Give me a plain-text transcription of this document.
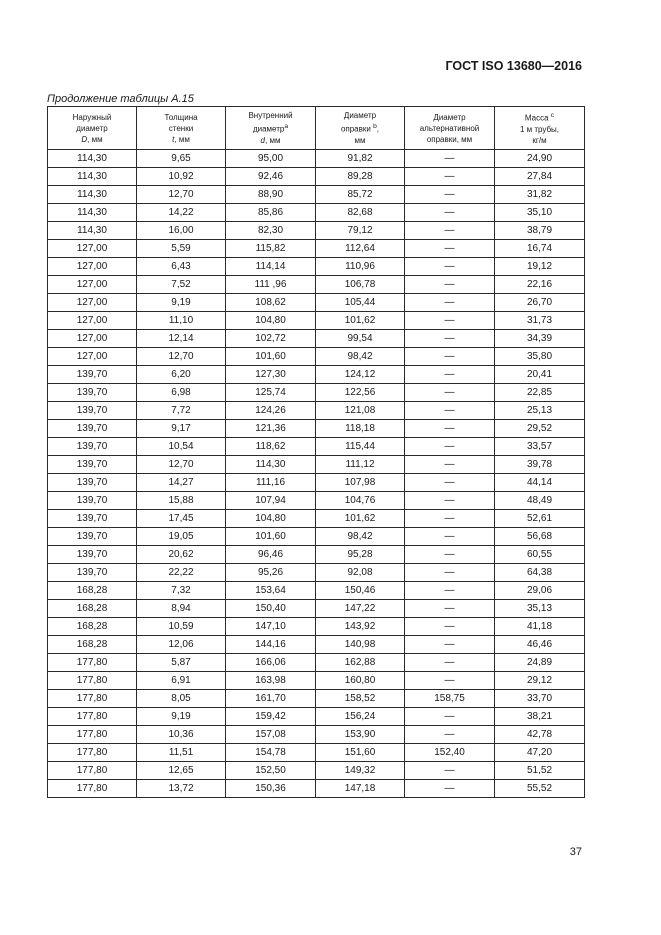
ГОСТ ISO 13680—2016
Продолжение таблицы А.15
Наружный
диаметр
D, мм	Толщина
стенки
t, мм	Внутренний
диаметр$^a$
d, мм	Диаметр
оправки $^b$,
мм	Диаметр
альтернативной
оправки, мм	Масса $^c$
1 м трубы,
кг/м

114,30	9,65	95,00	91,82	—	24,90
114,30	10,92	92,46	89,28	—	27,84
114,30	12,70	88,90	85,72	—	31,82
114,30	14,22	85,86	82,68	—	35,10
114,30	16,00	82,30	79,12	—	38,79
127,00	5,59	115,82	112,64	—	16,74
127,00	6,43	114,14	110,96	—	19,12
127,00	7,52	111 ,96	106,78	—	22,16
127,00	9,19	108,62	105,44	—	26,70
127,00	11,10	104,80	101,62	—	31,73
127,00	12,14	102,72	99,54	—	34,39
127,00	12,70	101,60	98,42	—	35,80
139,70	6,20	127,30	124,12	—	20,41
139,70	6,98	125,74	122,56	—	22,85
139,70	7,72	124,26	121,08	—	25,13
139,70	9,17	121,36	118,18	—	29,52
139,70	10,54	118,62	115,44	—	33,57
139,70	12,70	114,30	111,12	—	39,78
139,70	14,27	111,16	107,98	—	44,14
139,70	15,88	107,94	104,76	—	48,49
139,70	17,45	104,80	101,62	—	52,61
139,70	19,05	101,60	98,42	—	56,68
139,70	20,62	96,46	95,28	—	60,55
139,70	22,22	95,26	92,08	—	64,38
168,28	7,32	153,64	150,46	—	29,06
168,28	8,94	150,40	147,22	—	35,13
168,28	10,59	147,10	143,92	—	41,18
168,28	12,06	144,16	140,98	—	46,46
177,80	5,87	166,06	162,88	—	24,89
177,80	6,91	163,98	160,80	—	29,12
177,80	8,05	161,70	158,52	158,75	33,70
177,80	9,19	159,42	156,24	—	38,21
177,80	10,36	157,08	153,90	—	42,78
177,80	11,51	154,78	151,60	152,40	47,20
177,80	12,65	152,50	149,32	—	51,52
177,80	13,72	150,36	147,18	—	55,52
37
